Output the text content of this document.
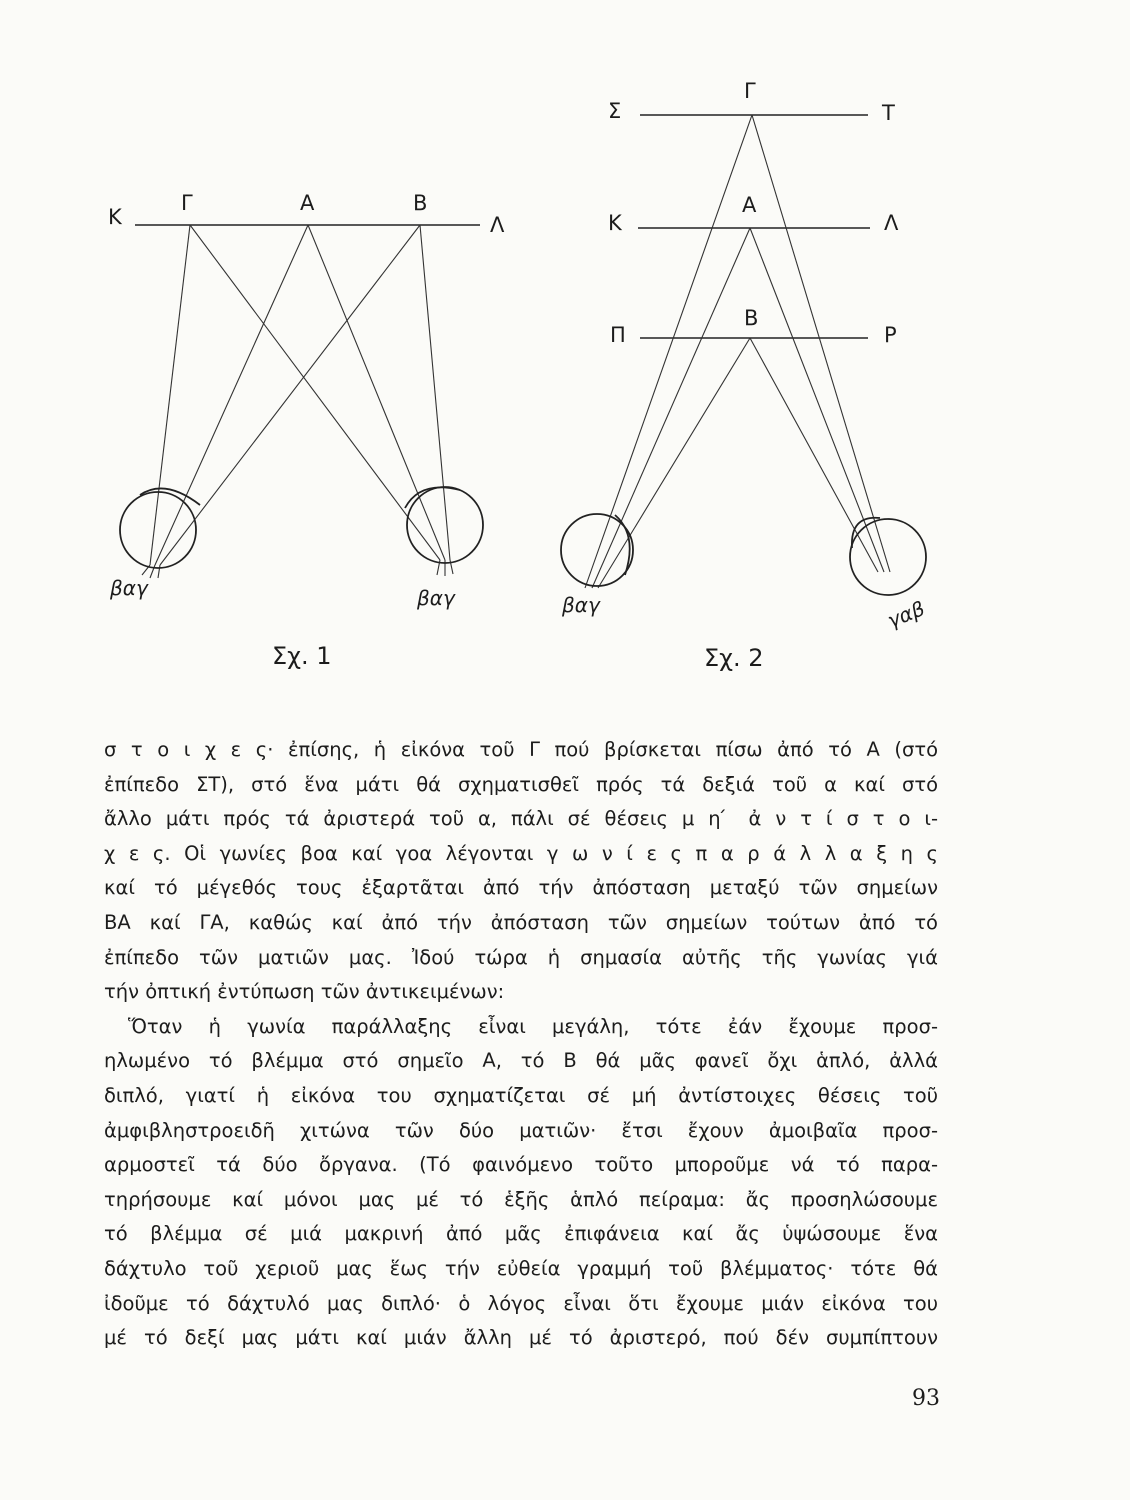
Κ
Γ	Α	Β
Λ
βαγ	βαγ
Σχ. 1
Σ
Γ
Τ
Κ
Α
Λ
Π
Β
Ρ
βαγ	γαβ
Σχ. 2
σ τ ο ι χ ε ς· ἐπίσης, ἡ εἰκόνα τοῦ Γ πού βρίσκεται πίσω ἀπό τό Α (στό
ἐπίπεδο ΣΤ), στό ἕνα μάτι θά σχηματισθεῖ πρός τά δεξιά τοῦ α καί στό
ἄλλο μάτι πρός τά ἀριστερά τοῦ α, πάλι σέ θέσεις μ η ́ ἀ ν τ ί σ τ ο ι-
χ ε ς. Οἱ γωνίες βοα καί γοα λέγονται γ ω ν ί ε ς π α ρ ά λ λ α ξ η ς
καί τό μέγεθός τους ἐξαρτᾶται ἀπό τήν ἀπόσταση μεταξύ τῶν σημείων
ΒΑ καί ΓΑ, καθώς καί ἀπό τήν ἀπόσταση τῶν σημείων τούτων ἀπό τό
ἐπίπεδο τῶν ματιῶν μας. Ἰδού τώρα ἡ σημασία αὐτῆς τῆς γωνίας γιά
τήν ὀπτική ἐντύπωση τῶν ἀντικειμένων:
Ὅταν ἡ γωνία παράλλαξης εἶναι μεγάλη, τότε ἐάν ἔχουμε προσ-
ηλωμένο τό βλέμμα στό σημεῖο Α, τό Β θά μᾶς φανεῖ ὄχι ἁπλό, ἀλλά
διπλό, γιατί ἡ εἰκόνα του σχηματίζεται σέ μή ἀντίστοιχες θέσεις τοῦ
ἀμφιβληστροειδῆ χιτώνα τῶν δύο ματιῶν· ἔτσι ἔχουν ἀμοιβαῖα προσ-
αρμοστεῖ τά δύο ὄργανα. (Τό φαινόμενο τοῦτο μποροῦμε νά τό παρα-
τηρήσουμε καί μόνοι μας μέ τό ἑξῆς ἁπλό πείραμα: ἄς προσηλώσουμε
τό βλέμμα σέ μιά μακρινή ἀπό μᾶς ἐπιφάνεια καί ἄς ὑψώσουμε ἕνα
δάχτυλο τοῦ χεριοῦ μας ἕως τήν εὐθεία γραμμή τοῦ βλέμματος· τότε θά
ἰδοῦμε τό δάχτυλό μας διπλό· ὁ λόγος εἶναι ὅτι ἔχουμε μιάν εἰκόνα του
μέ τό δεξί μας μάτι καί μιάν ἄλλη μέ τό ἀριστερό, πού δέν συμπίπτουν
93
